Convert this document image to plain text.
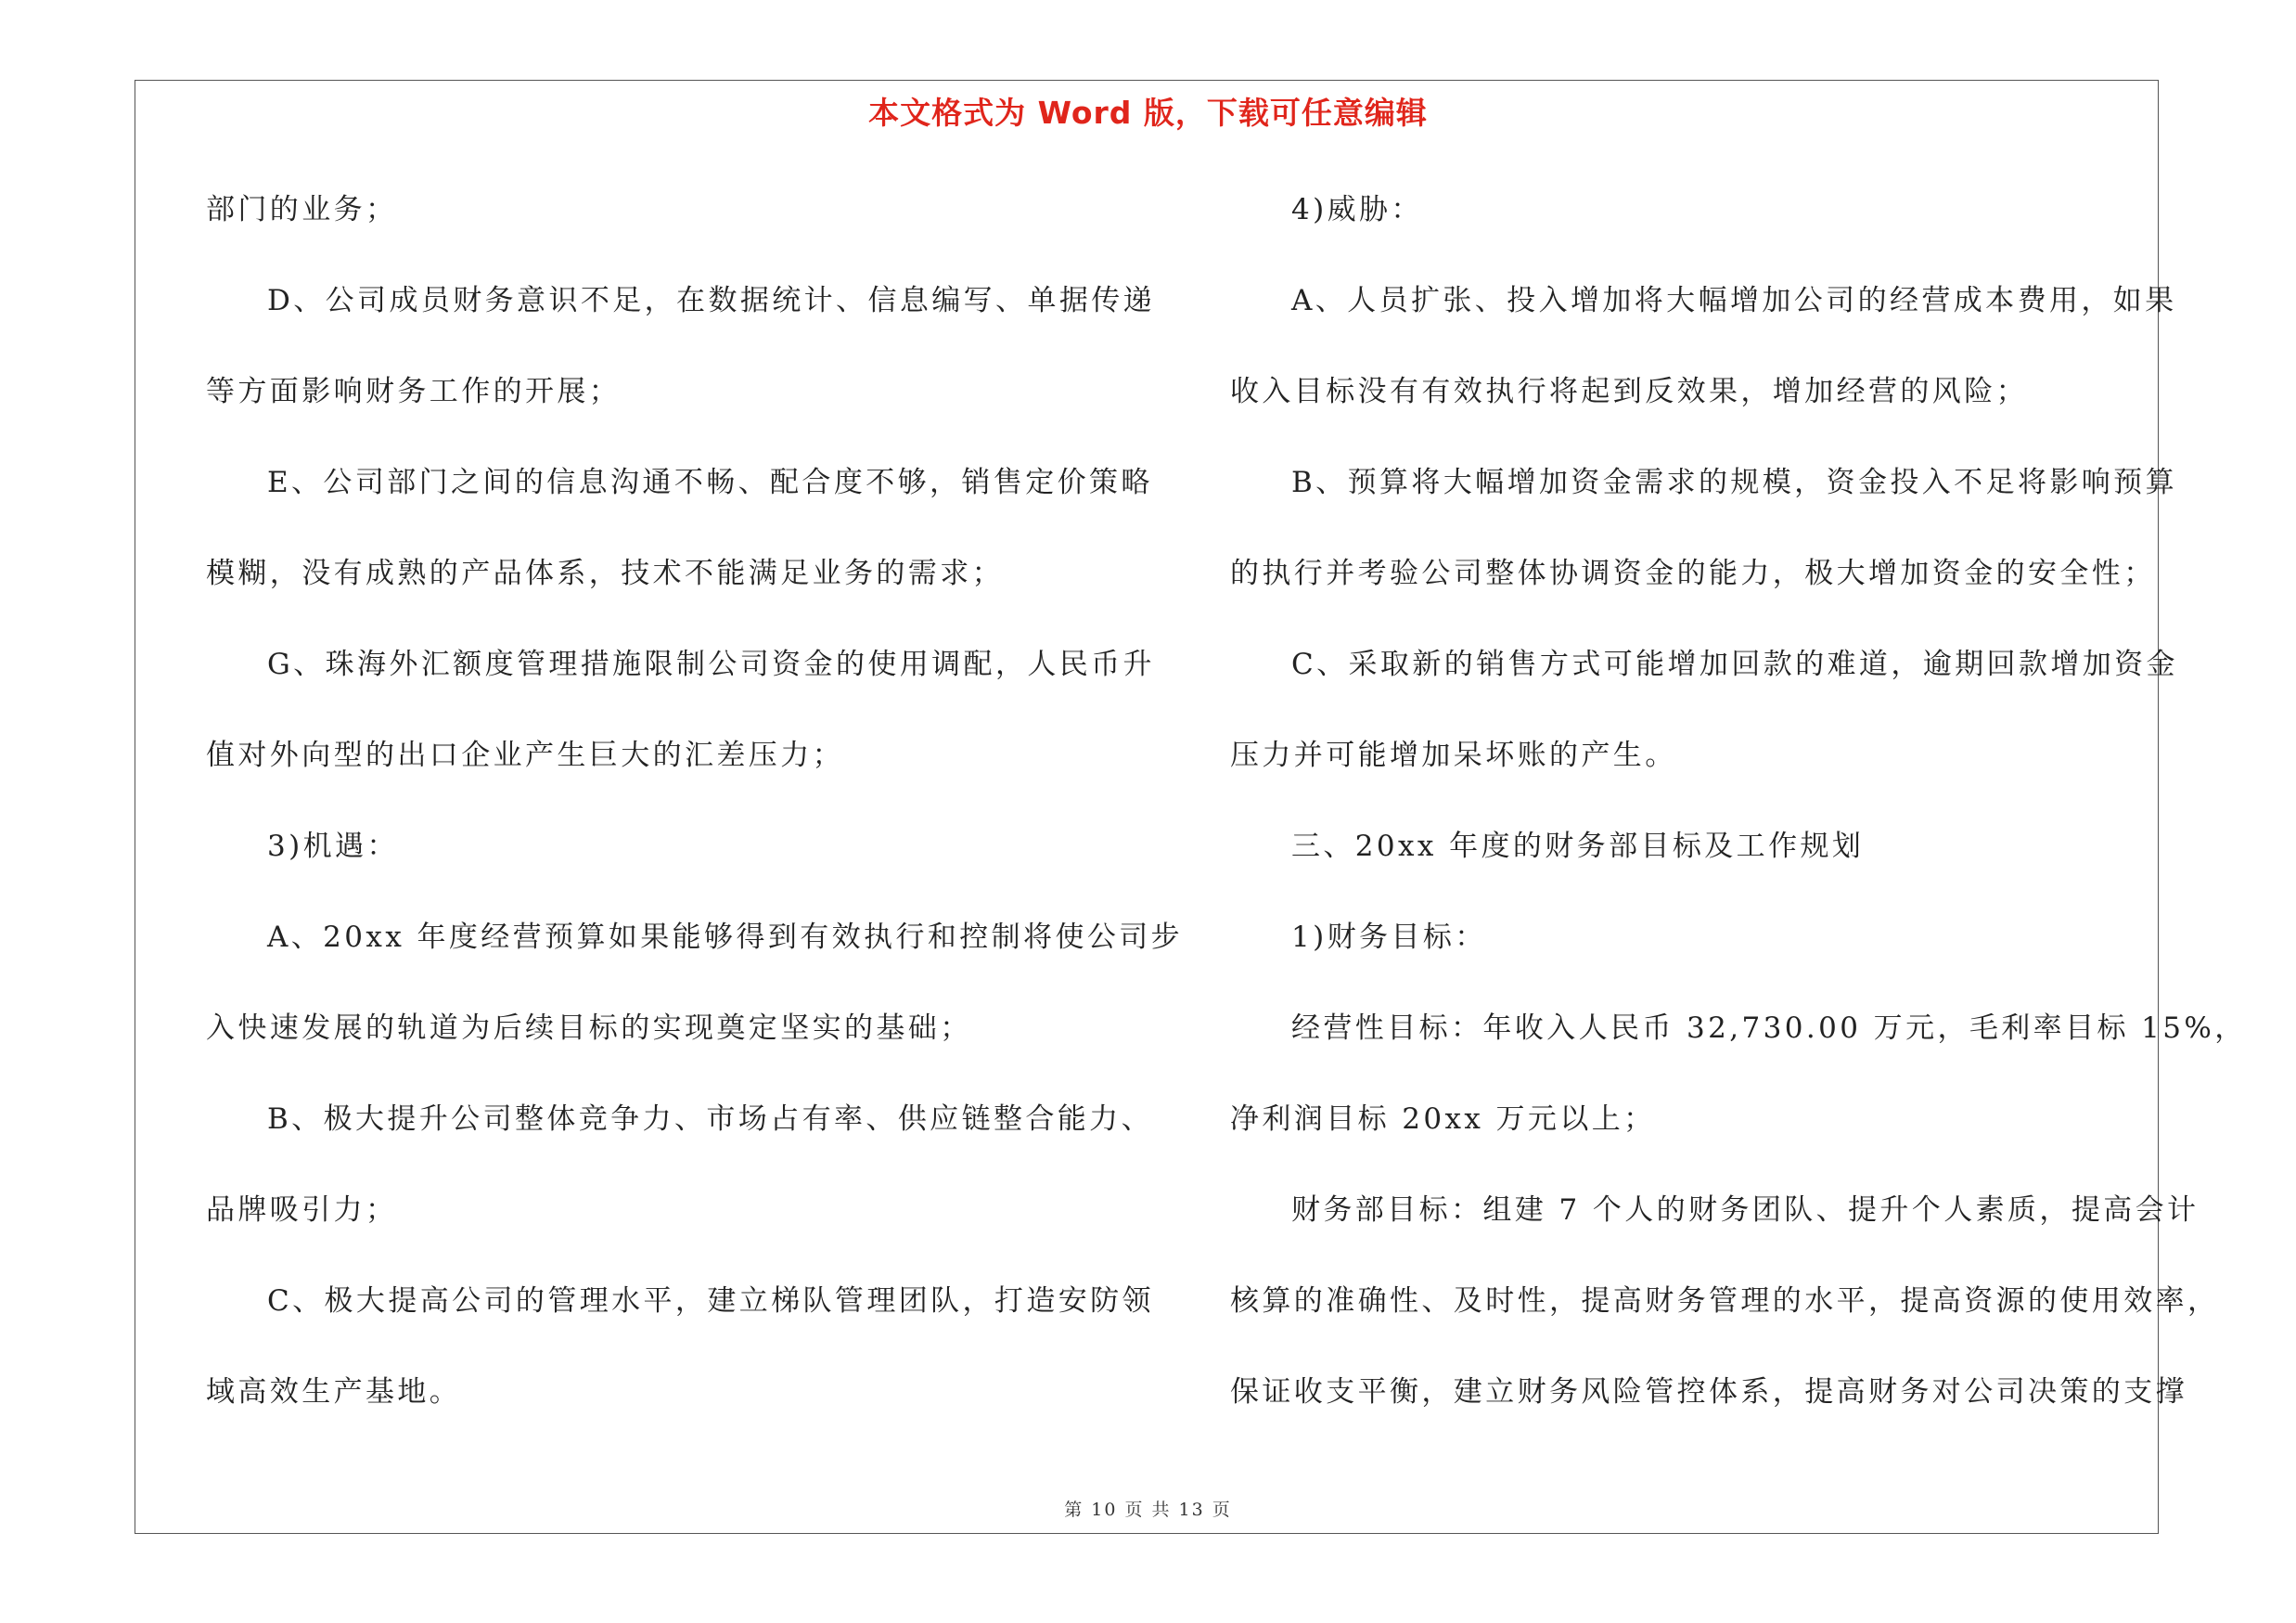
本文格式为 Word 版，下载可任意编辑
部门的业务；
D、公司成员财务意识不足，在数据统计、信息编写、单据传递
等方面影响财务工作的开展；
E、公司部门之间的信息沟通不畅、配合度不够，销售定价策略
模糊，没有成熟的产品体系，技术不能满足业务的需求；
G、珠海外汇额度管理措施限制公司资金的使用调配，人民币升
值对外向型的出口企业产生巨大的汇差压力；
3)机遇：
A、20xx 年度经营预算如果能够得到有效执行和控制将使公司步
入快速发展的轨道为后续目标的实现奠定坚实的基础；
B、极大提升公司整体竞争力、市场占有率、供应链整合能力、
品牌吸引力；
C、极大提高公司的管理水平，建立梯队管理团队，打造安防领
域高效生产基地。
4)威胁：
A、人员扩张、投入增加将大幅增加公司的经营成本费用，如果
收入目标没有有效执行将起到反效果，增加经营的风险；
B、预算将大幅增加资金需求的规模，资金投入不足将影响预算
的执行并考验公司整体协调资金的能力，极大增加资金的安全性；
C、采取新的销售方式可能增加回款的难道，逾期回款增加资金
压力并可能增加呆坏账的产生。
三、20xx 年度的财务部目标及工作规划
1)财务目标：
经营性目标：年收入人民币 32,730.00 万元，毛利率目标 15%，
净利润目标 20xx 万元以上；
财务部目标：组建 7 个人的财务团队、提升个人素质，提高会计
核算的准确性、及时性，提高财务管理的水平，提高资源的使用效率，
保证收支平衡，建立财务风险管控体系，提高财务对公司决策的支撑
第 10 页 共 13 页
